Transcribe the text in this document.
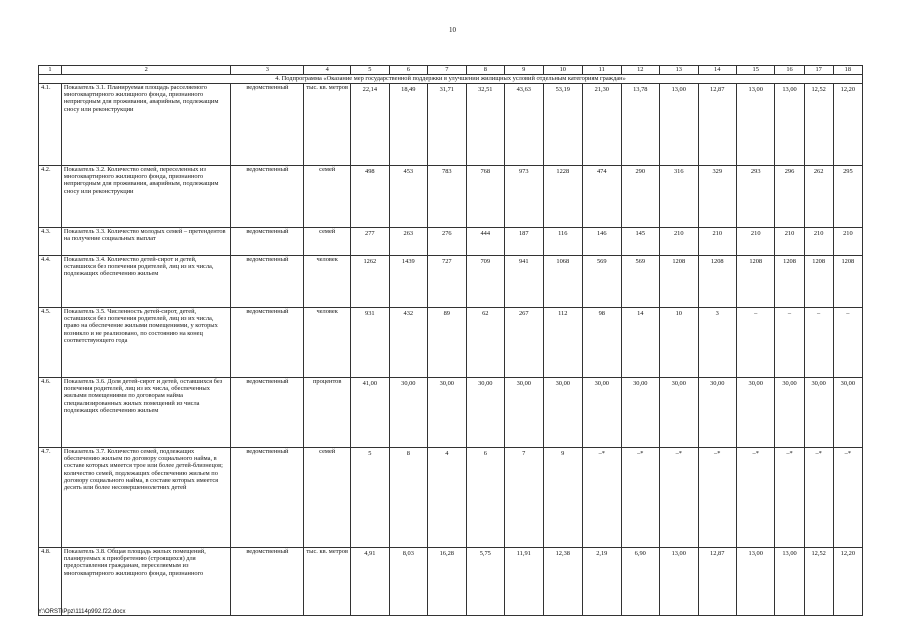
10
1	2	3	4	5	6	7	8	9	10	11	12	13	14	15	16	17	18
4. Подпрограмма «Оказание мер государственной поддержки в улучшении жилищных условий отдельным категориям граждан»																	
4.1.	Показатель 3.1. Планируемая площадь расселяемого многоквартирного жилищного фонда, признанного непригодным для проживания, аварийным, подлежащим сносу или реконструкции	ведомственный	тыс. кв. метров	22,14	18,49	31,71	32,51	43,63	53,19	21,30	13,78	13,00	12,87	13,00	13,00	12,52	12,20
4.2.	Показатель 3.2. Количество семей, переселенных из многоквартирного жилищного фонда, признанного непригодным для проживания, аварийным, подлежащим сносу или реконструкции	ведомственный	семей	498	453	783	768	973	1228	474	290	316	329	293	296	262	295
4.3.	Показатель 3.3. Количество молодых семей – претендентов на получение социальных выплат	ведомственный	семей	277	263	276	444	187	116	146	145	210	210	210	210	210	210
4.4.	Показатель 3.4. Количество детей-сирот и детей, оставшихся без попечения родителей, лиц из их числа, подлежащих обеспечению жильем	ведомственный	человек	1262	1439	727	709	941	1068	569	569	1208	1208	1208	1208	1208	1208
4.5.	Показатель 3.5. Численность детей-сирот, детей, оставшихся без попечения родителей, лиц из их числа, право на обеспечение жилыми помещениями, у которых возникло и не реализовано, по состоянию на конец соответствующего года	ведомственный	человек	931	432	89	62	267	112	98	14	10	3	–	–	–	–
4.6.	Показатель 3.6. Доля детей-сирот и детей, оставшихся без попечения родителей, лиц из их числа, обеспеченных жилыми помещениями по договорам найма специализированных жилых помещений из числа подлежащих обеспечению жильем	ведомственный	процентов	41,00	30,00	30,00	30,00	30,00	30,00	30,00	30,00	30,00	30,00	30,00	30,00	30,00	30,00
4.7.	Показатель 3.7. Количество семей, подлежащих обеспечению жильем по договору социального найма, в составе которых имеется трое или более детей-близнецов; количество семей, подлежащих обеспечению жильем по договору социального найма, в составе которых имеется десять или более несовершеннолетних детей	ведомственный	семей	5	8	4	6	7	9	–*	–*	–*	–*	–*	–*	–*	–*
4.8.	Показатель 3.8. Общая площадь жилых помещений, планируемых к приобретению (строящихся) для предоставления гражданам, переселяемым из многоквартирного жилищного фонда, признанного	ведомственный	тыс. кв. метров	4,91	8,03	16,28	5,75	11,91	12,38	2,19	6,90	13,00	12,87	13,00	13,00	12,52	12,20
Y:\ORST\Ppz\1114p992.f22.docx
